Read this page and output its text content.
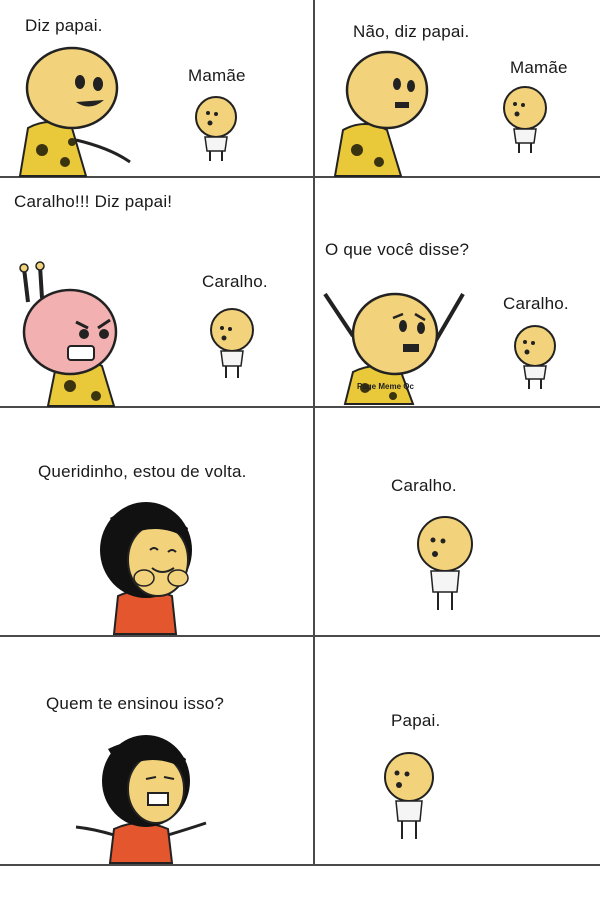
Diz papai.
Mamãe
Não, diz papai.
Mamãe
Caralho!!! Diz papai!
Caralho.
O que você disse?
Caralho.
Page Meme Qc
Queridinho, estou de volta.
Caralho.
Quem te ensinou isso?
Papai.
